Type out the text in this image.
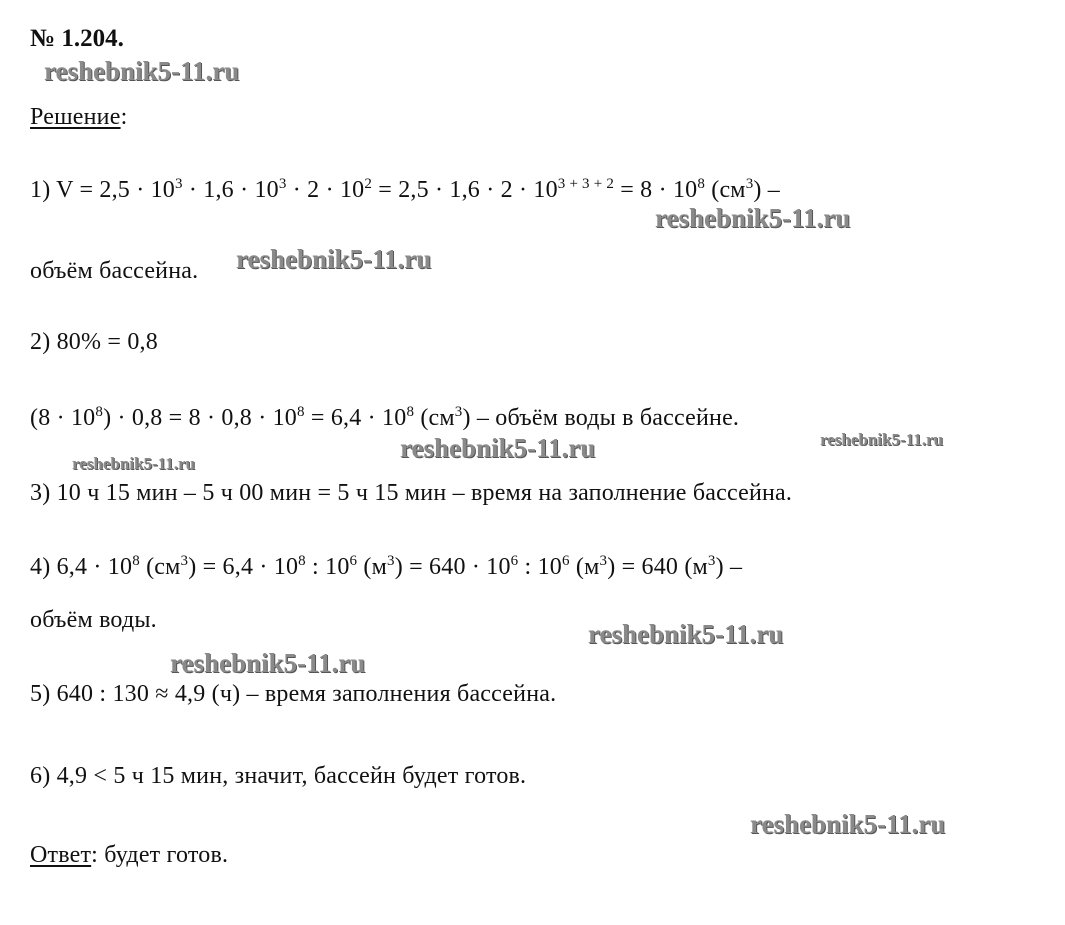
№ 1.204.
reshebnik5-11.ru
Решение:
1) $V = 2,5 \cdot 10^3 \cdot 1,6 \cdot 10^3 \cdot 2 \cdot 10^2 = 2,5 \cdot 1,6 \cdot 2 \cdot 10^{3 + 3 + 2} = 8 \cdot 10^8$ $(см^3)$ –
reshebnik5-11.ru
объём бассейна. reshebnik5-11.ru
2) 80% = 0,8
$(8 \cdot 10^8) \cdot 0,8 = 8 \cdot 0,8 \cdot 10^8 = 6,4 \cdot 10^8$ $(см^3)$ – объём воды в бассейне.
reshebnik5-11.ru	reshebnik5-11.ru
reshebnik5-11.ru
3) 10 ч 15 мин – 5 ч 00 мин = 5 ч 15 мин – время на заполнение бассейна.
4) $6,4 \cdot 10^8$ $(см^3) = 6,4 \cdot 10^8$ : $10^6$ $(м^3) = 640 \cdot 10^6$ : $10^6$ $(м^3) = 640$ $(м^3)$ –
объём воды.	reshebnik5-11.ru
reshebnik5-11.ru
5) 640 : 130 ≈ 4,9 (ч) – время заполнения бассейна.
6) 4,9 < 5 ч 15 мин, значит, бассейн будет готов.
reshebnik5-11.ru
Ответ: будет готов.
